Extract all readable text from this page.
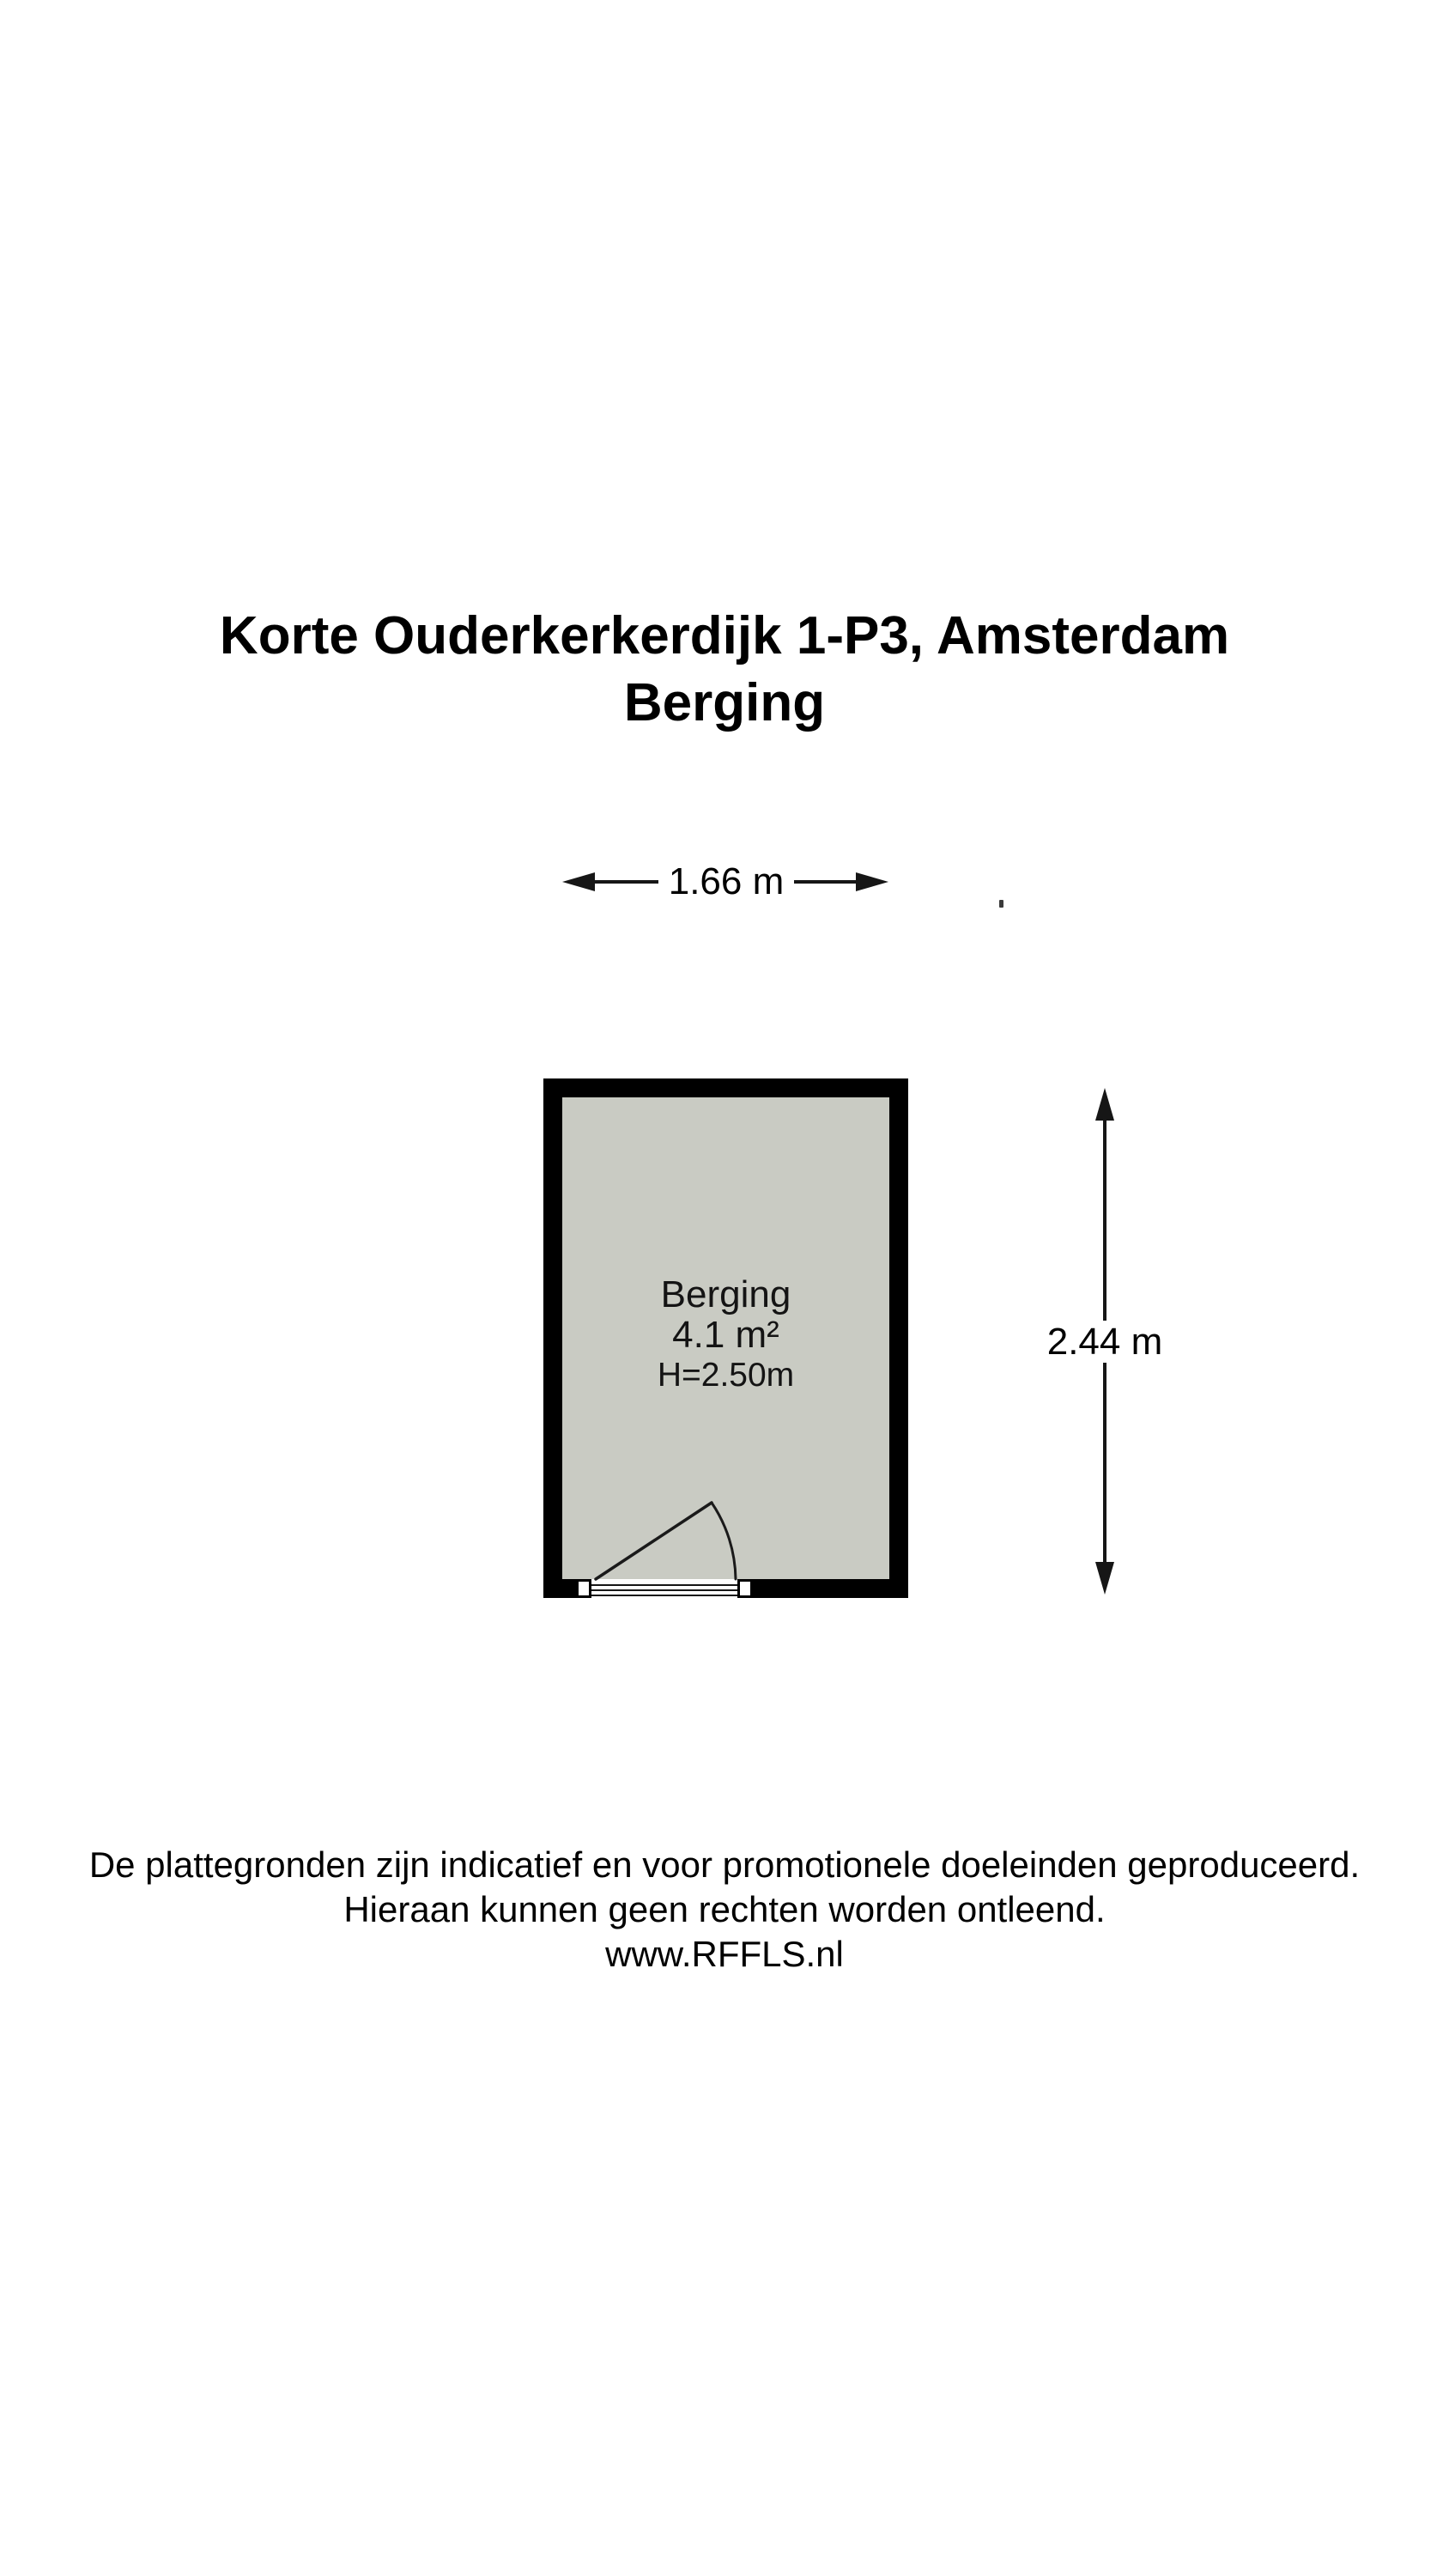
Korte Ouderkerkerdijk 1-P3, Amsterdam
Berging
1.66 m
Berging
4.1 m²
H=2.50m
2.44 m
De plattegronden zijn indicatief en voor promotionele doeleinden geproduceerd.
Hieraan kunnen geen rechten worden ontleend.
www.RFFLS.nl
